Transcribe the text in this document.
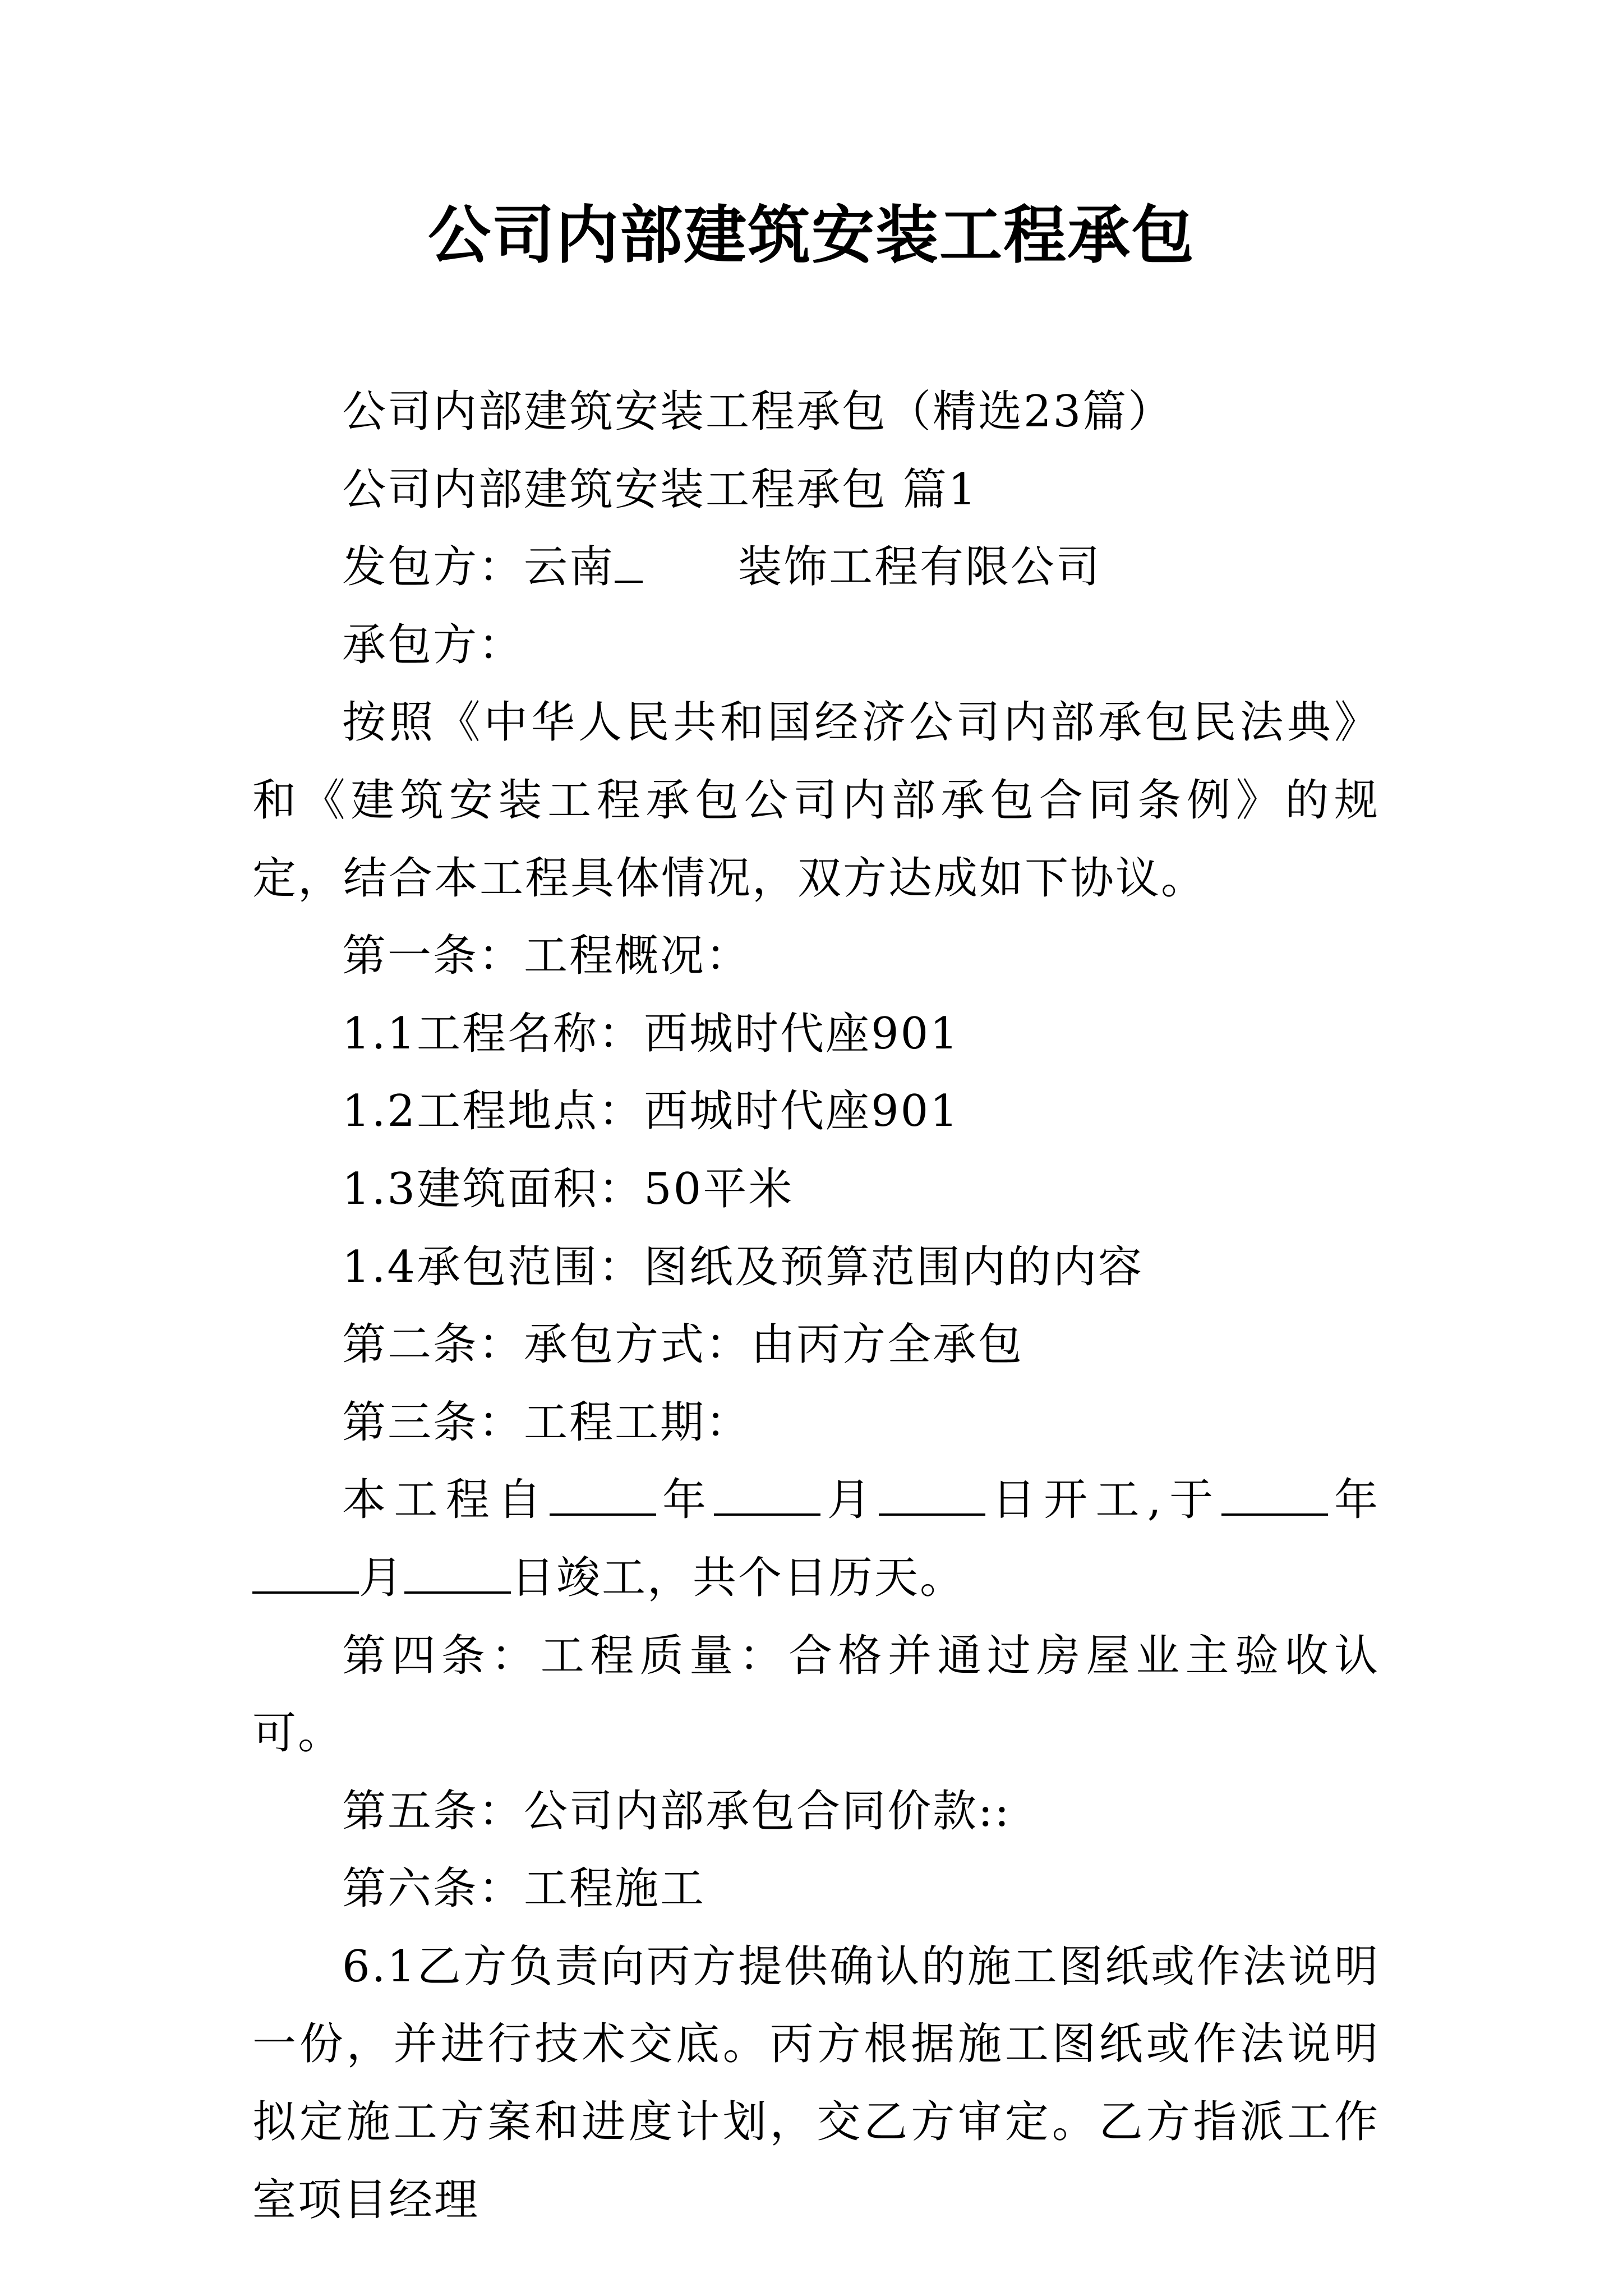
公司内部建筑安装工程承包

公司内部建筑安装工程承包（精选23篇）

公司内部建筑安装工程承包 篇1

发包方：云南	装饰工程有限公司

承包方：

按照《中华人民共和国经济公司内部承包民法典》和《建筑安装工程承包公司内部承包合同条例》的规定，结合本工程具体情况，双方达成如下协议。

第一条：工程概况：

1.1工程名称：西城时代座901

1.2工程地点：西城时代座901

1.3建筑面积：50平米

1.4承包范围：图纸及预算范围内的内容

第二条：承包方式：由丙方全承包

第三条：工程工期：

本工程自 年 月 日开工,于 年月 日竣工，共个日历天。

第四条：工程质量：合格并通过房屋业主验收认可。

第五条：公司内部承包合同价款::

第六条：工程施工

6.1乙方负责向丙方提供确认的施工图纸或作法说明一份，并进行技术交底。丙方根据施工图纸或作法说明拟定施工方案和进度计划，交乙方审定。乙方指派工作室项目经理
